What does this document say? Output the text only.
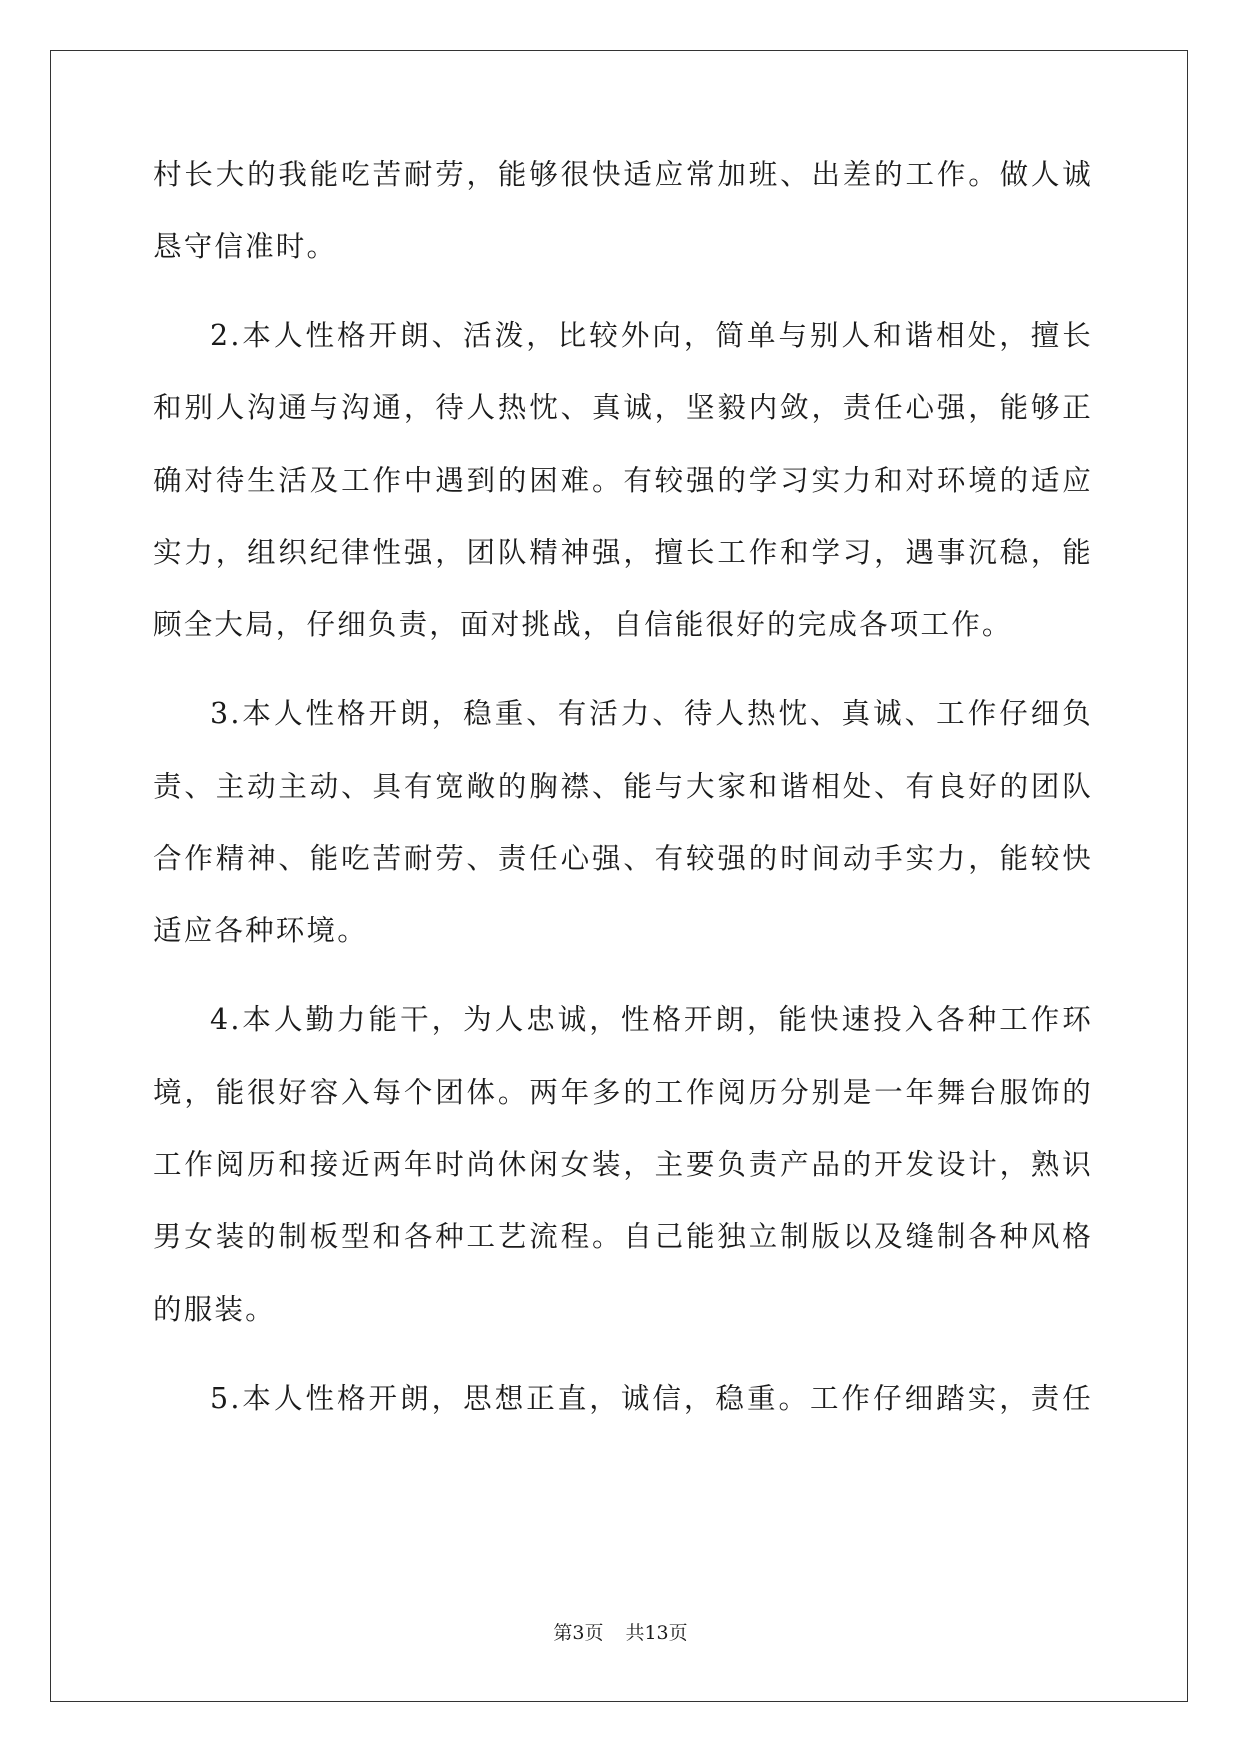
村长大的我能吃苦耐劳，能够很快适应常加班、出差的工作。做人诚
恳守信准时。
2.本人性格开朗、活泼，比较外向，简单与别人和谐相处，擅长
和别人沟通与沟通，待人热忱、真诚，坚毅内敛，责任心强，能够正
确对待生活及工作中遇到的困难。有较强的学习实力和对环境的适应
实力，组织纪律性强，团队精神强，擅长工作和学习，遇事沉稳，能
顾全大局，仔细负责，面对挑战，自信能很好的完成各项工作。
3.本人性格开朗，稳重、有活力、待人热忱、真诚、工作仔细负
责、主动主动、具有宽敞的胸襟、能与大家和谐相处、有良好的团队
合作精神、能吃苦耐劳、责任心强、有较强的时间动手实力，能较快
适应各种环境。
4.本人勤力能干，为人忠诚，性格开朗，能快速投入各种工作环
境，能很好容入每个团体。两年多的工作阅历分别是一年舞台服饰的
工作阅历和接近两年时尚休闲女装，主要负责产品的开发设计，熟识
男女装的制板型和各种工艺流程。自己能独立制版以及缝制各种风格
的服装。
5.本人性格开朗，思想正直，诚信，稳重。工作仔细踏实，责任
第3页 共13页
